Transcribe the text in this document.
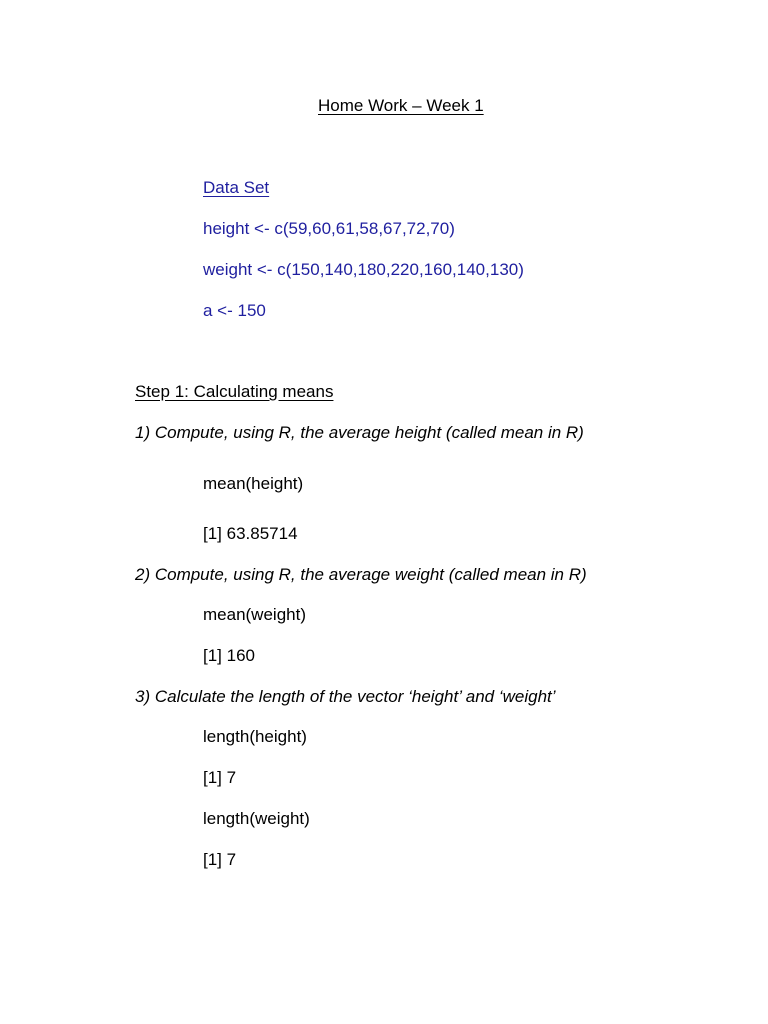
Home Work – Week 1
Data Set
height <- c(59,60,61,58,67,72,70)
weight <- c(150,140,180,220,160,140,130)
a <- 150
Step 1: Calculating means
1) Compute, using R, the average height (called mean in R)
mean(height)
[1] 63.85714
2) Compute, using R, the average weight (called mean in R)
mean(weight)
[1] 160
3) Calculate the length of the vector ‘height’ and ‘weight’
length(height)
[1] 7
length(weight)
[1] 7
